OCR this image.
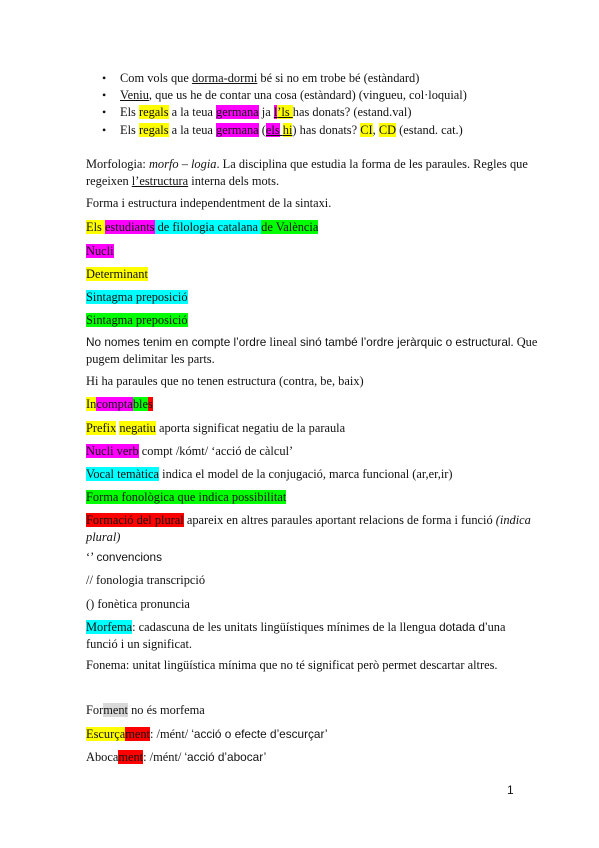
• Com vols que dorma-dormi bé si no em trobe bé (estàndard)
• Veniu, que us he de contar una cosa (estàndard) (vingueu, col·loquial)
• Els regals a la teua germana ja l’ls has donats? (estand.val)
• Els regals a la teua germana (els hi) has donats? CI, CD (estand. cat.)
Morfologia: morfo – logia. La disciplina que estudia la forma de les paraules. Regles que
regeixen l’estructura interna dels mots.
Forma i estructura independentment de la sintaxi.
Els estudiants de filologia catalana de València
Nucli
Determinant
Sintagma preposició
Sintagma preposició
No nomes tenim en compte l’ordre lineal sinó també l’ordre jeràrquic o estructural. Que
pugem delimitar les parts.
Hi ha paraules que no tenen estructura (contra, be, baix)
Incomptables
Prefix negatiu aporta significat negatiu de la paraula
Nucli verb compt /kómt/ ‘acció de càlcul’
Vocal temàtica indica el model de la conjugació, marca funcional (ar,er,ir)
Forma fonològica que indica possibilitat
Formació del plural apareix en altres paraules aportant relacions de forma i funció (indica
plural)
‘’ convencions
// fonologia transcripció
() fonètica pronuncia
Morfema: cadascuna de les unitats lingüístiques mínimes de la llengua dotada d’una
funció i un significat.
Fonema: unitat lingüística mínima que no té significat però permet descartar altres.
Forment no és morfema
Escurçament: /mént/ ‘acció o efecte d’escurçar’
Abocament: /mént/ ‘acció d’abocar’
1
